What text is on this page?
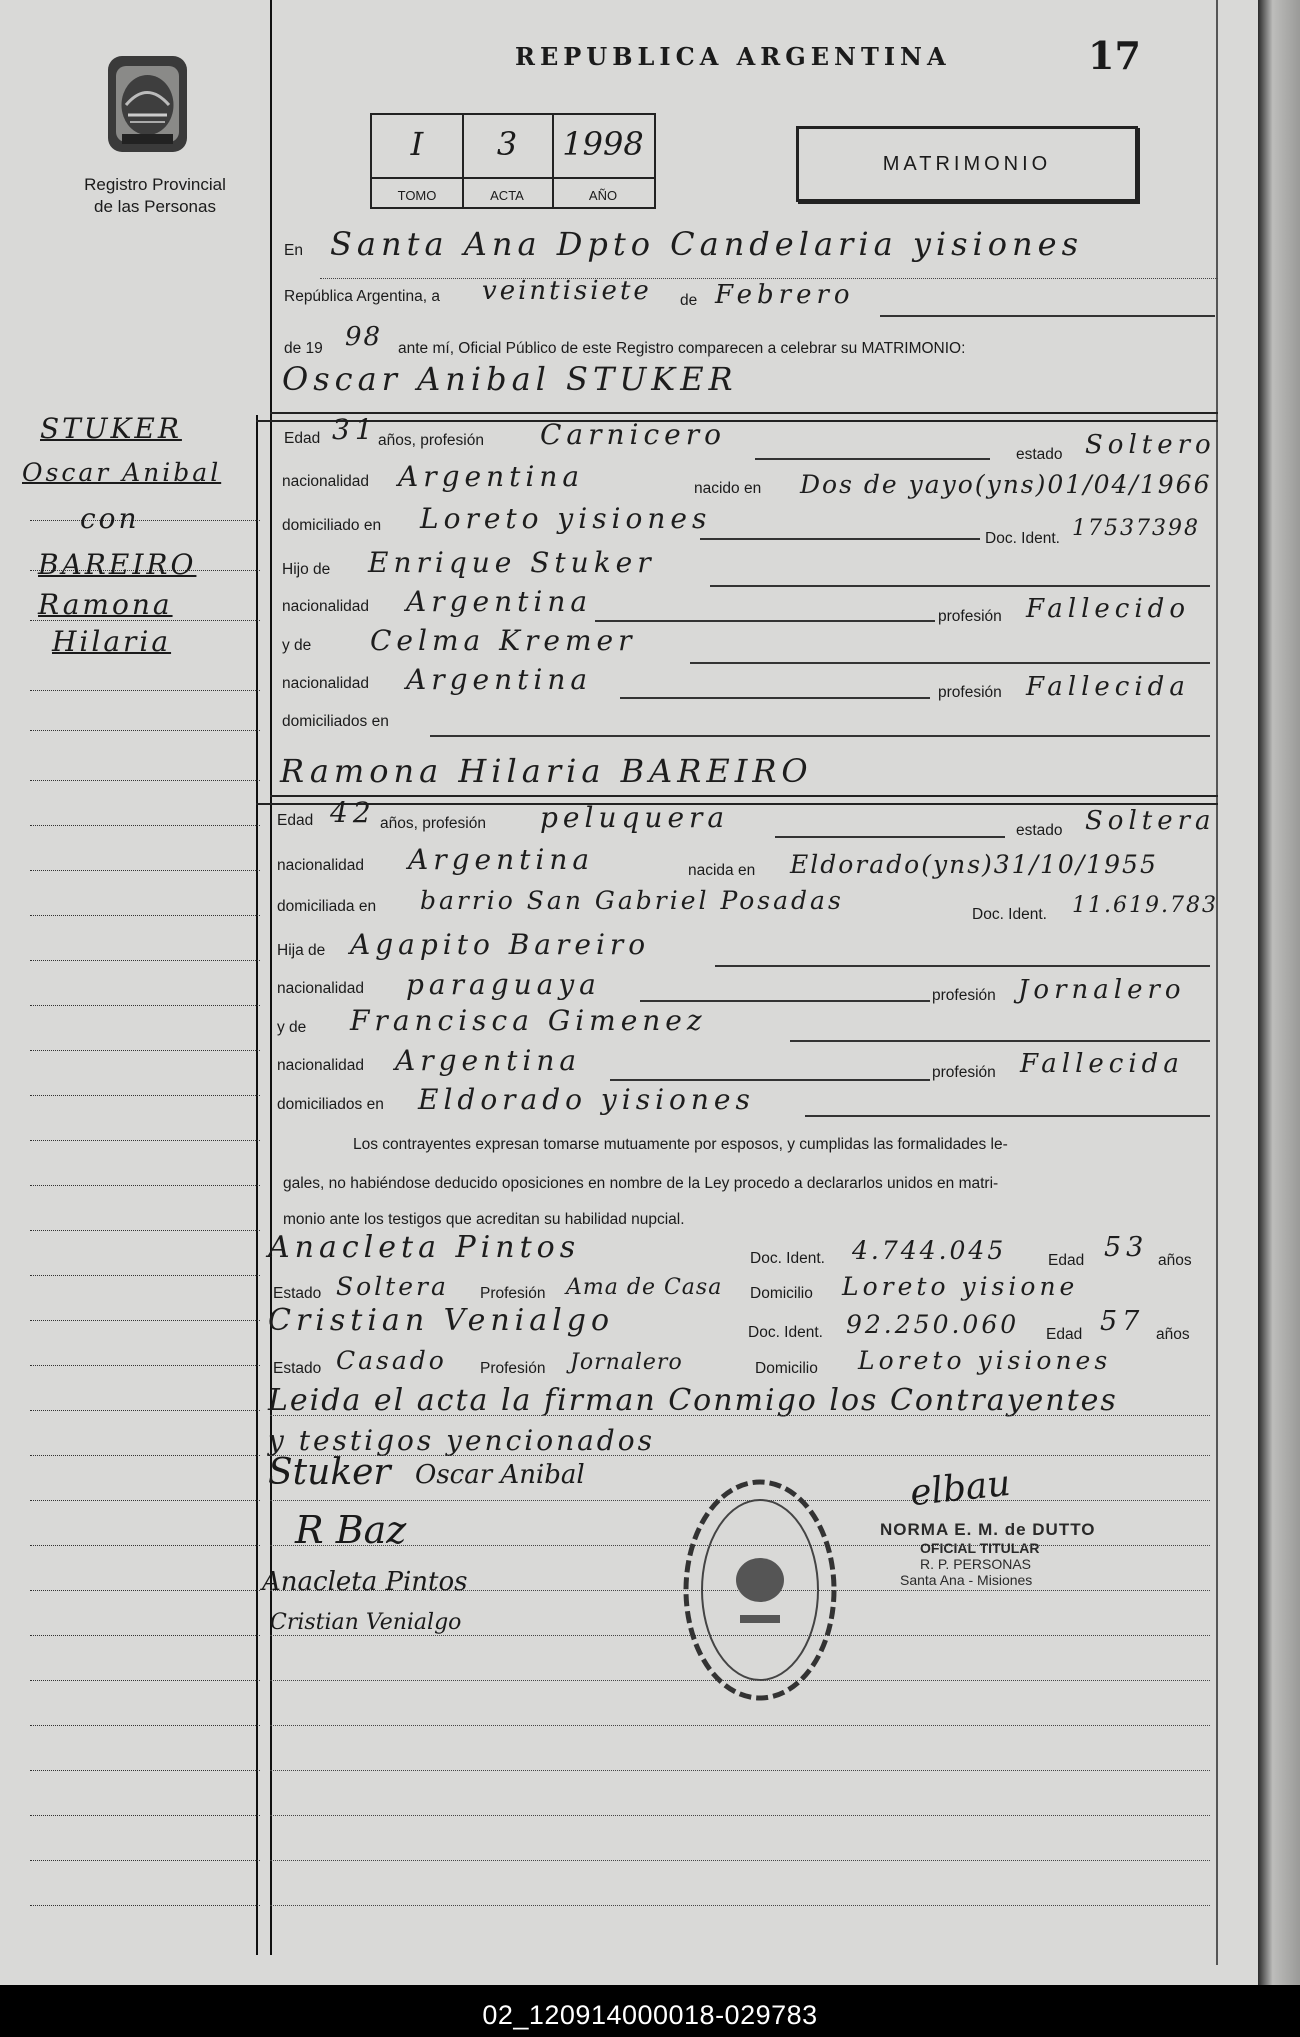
Registro Provincial
de las Personas
REPUBLICA ARGENTINA	17
I
TOMO
3
ACTA
1998
AÑO
MATRIMONIO
STUKER
Oscar Anibal
con
BAREIRO
Ramona
Hilaria
En Santa Ana Dpto Candelaria yisiones
República Argentina, a veintisiete de Febrero
de 19 98 ante mí, Oficial Público de este Registro comparecen a celebrar su MATRIMONIO:
Oscar Anibal STUKER
Edad 31 años, profesión Carnicero
estado Soltero
nacionalidad Argentina	nacido en Dos de yayo(yns)01/04/1966
domiciliado en Loreto yisiones
Doc. Ident. 17537398
Hijo de Enrique Stuker
nacionalidad Argentina	profesión Fallecido
y de Celma Kremer
nacionalidad Argentina	profesión Fallecida
domiciliados en
Ramona Hilaria BAREIRO
Edad 42 años, profesión peluquera	estado Soltera
nacionalidad Argentina	nacida en Eldorado(yns)31/10/1955
domiciliada en barrio San Gabriel Posadas	Doc. Ident. 11.619.783
Hija de Agapito Bareiro
nacionalidad paraguaya	profesión Jornalero
y de Francisca Gimenez
nacionalidad Argentina	profesión Fallecida
domiciliados en Eldorado yisiones
Los contrayentes expresan tomarse mutuamente por esposos, y cumplidas las formalidades le-
gales, no habiéndose deducido oposiciones en nombre de la Ley procedo a declararlos unidos en matri-
monio ante los testigos que acreditan su habilidad nupcial.
Anacleta Pintos	Doc. Ident. 4.744.045	Edad 53 años
Estado Soltera Profesión Ama de Casa Domicilio Loreto yisione
Cristian Venialgo	Doc. Ident. 92.250.060 Edad 57 años
Estado Casado Profesión Jornalero	Domicilio Loreto yisiones
Leida el acta la firman Conmigo los Contrayentes
y testigos yencionados
Stuker Oscar Anibal
R Baz
Anacleta Pintos
Cristian Venialgo
elbau
NORMA E. M. de DUTTO
OFICIAL TITULAR
R. P. PERSONAS
Santa Ana - Misiones
02_120914000018-029783
